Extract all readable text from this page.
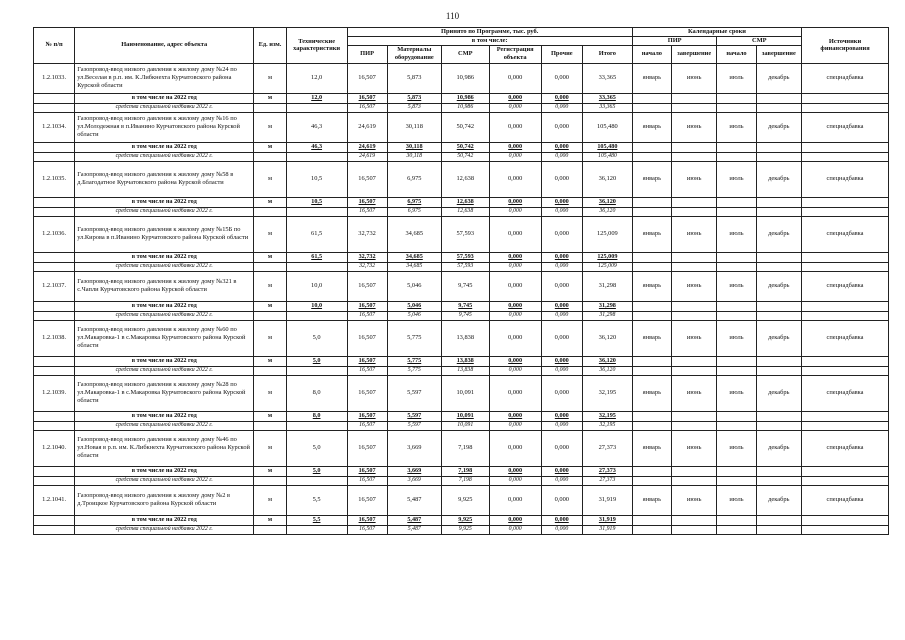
110
№ п/п	Наименование, адрес объекта	Ед. изм.	Технические характеристики	Принято по Программе, тыс. руб.						Календарные сроки				Источники финансирования
				в том числе:						ПИР		СМР		
				ПИР	Материалы оборудование	СМР	Регистрация объекта	Прочие	Итого	начало	завершение	начало	завершение	
1.2.1033.	Газопровод-ввод низкого давления к жилому дому №24 по ул.Веселая в р.п. им. К.Либкнехта Курчатовского района Курской области	м	12,0	16,507	5,873	10,986	0,000	0,000	33,365	январь	июнь	июль	декабрь	спецнадбавка
	в том числе на 2022 год	м	12,0	16,507	5,873	10,986	0,000	0,000	33,365					
	средства специальной надбавки 2022 г.			16,507	5,873	10,986	0,000	0,000	33,365					
1.2.1034.	Газопровод-ввод низкого давления к жилому дому №16 по ул.Молодежная в п.Иванино Курчатовского района Курской области	м	46,3	24,619	30,118	50,742	0,000	0,000	105,480	январь	июнь	июль	декабрь	спецнадбавка
	в том числе на 2022 год	м	46,3	24,619	30,118	50,742	0,000	0,000	105,480					
	средства специальной надбавки 2022 г.			24,619	30,118	50,742	0,000	0,000	105,480					
1.2.1035.	Газопровод-ввод низкого давления к жилому дому №58 в д.Благодатное Курчатовского района Курской области	м	10,5	16,507	6,975	12,638	0,000	0,000	36,120	январь	июнь	июль	декабрь	спецнадбавка
	в том числе на 2022 год	м	10,5	16,507	6,975	12,638	0,000	0,000	36,120					
	средства специальной надбавки 2022 г.			16,507	6,975	12,638	0,000	0,000	36,120					
1.2.1036.	Газопровод-ввод низкого давления к жилому дому №15Б по ул.Кирова в п.Иванино Курчатовского района Курской области	м	61,5	32,732	34,685	57,593	0,000	0,000	125,009	январь	июнь	июль	декабрь	спецнадбавка
	в том числе на 2022 год	м	61,5	32,732	34,685	57,593	0,000	0,000	125,009					
	средства специальной надбавки 2022 г.			32,732	34,685	57,593	0,000	0,000	125,009					
1.2.1037.	Газопровод-ввод низкого давления к жилому дому №321 в с.Чапли Курчатовского района Курской области	м	10,0	16,507	5,046	9,745	0,000	0,000	31,298	январь	июнь	июль	декабрь	спецнадбавка
	в том числе на 2022 год	м	10,0	16,507	5,046	9,745	0,000	0,000	31,298					
	средства специальной надбавки 2022 г.			16,507	5,046	9,745	0,000	0,000	31,298					
1.2.1038.	Газопровод-ввод низкого давления к жилому дому №60 по ул.Макаровка-1 в с.Макаровка Курчатовского района Курской области	м	5,0	16,507	5,775	13,838	0,000	0,000	36,120	январь	июнь	июль	декабрь	спецнадбавка
	в том числе на 2022 год	м	5,0	16,507	5,775	13,838	0,000	0,000	36,120					
	средства специальной надбавки 2022 г.			16,507	5,775	13,838	0,000	0,000	36,120					
1.2.1039.	Газопровод-ввод низкого давления к жилому дому №28 по ул.Макаровка-1 в с.Макаровка Курчатовского района Курской области	м	8,0	16,507	5,597	10,091	0,000	0,000	32,195	январь	июнь	июль	декабрь	спецнадбавка
	в том числе на 2022 год	м	8,0	16,507	5,597	10,091	0,000	0,000	32,195					
	средства специальной надбавки 2022 г.			16,507	5,597	10,091	0,000	0,000	32,195					
1.2.1040.	Газопровод-ввод низкого давления к жилому дому №46 по ул.Новая в р.п. им. К.Либкнехта Курчатовского района Курской области	м	5,0	16,507	3,669	7,198	0,000	0,000	27,373	январь	июнь	июль	декабрь	спецнадбавка
	в том числе на 2022 год	м	5,0	16,507	3,669	7,198	0,000	0,000	27,373					
	средства специальной надбавки 2022 г.			16,507	3,669	7,198	0,000	0,000	27,373					
1.2.1041.	Газопровод-ввод низкого давления к жилому дому №2 в д.Троицкое Курчатовского района Курской области	м	5,5	16,507	5,487	9,925	0,000	0,000	31,919	январь	июнь	июль	декабрь	спецнадбавка
	в том числе на 2022 год	м	5,5	16,507	5,487	9,925	0,000	0,000	31,919					
	средства специальной надбавки 2022 г.			16,507	5,487	9,925	0,000	0,000	31,919					
